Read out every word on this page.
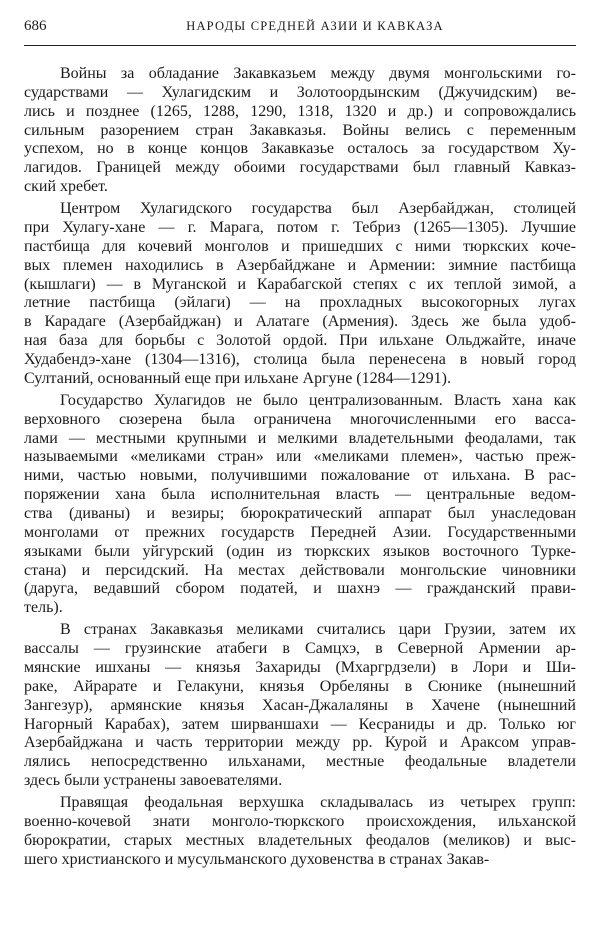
686	НАРОДЫ СРЕДНЕЙ АЗИИ И КАВКАЗА
Войны за обладание Закавказьем между двумя монгольскими го-
сударствами — Хулагидским и Золотоордынским (Джучидским) ве-
лись и позднее (1265, 1288, 1290, 1318, 1320 и др.) и сопровождались
сильным разорением стран Закавказья. Войны велись с переменным
успехом, но в конце концов Закавказье осталось за государством Ху-
лагидов. Границей между обоими государствами был главный Кавказ-
ский хребет.
Центром Хулагидского государства был Азербайджан, столицей
при Хулагу-хане — г. Марага, потом г. Тебриз (1265—1305). Лучшие
пастбища для кочевий монголов и пришедших с ними тюркских коче-
вых племен находились в Азербайджане и Армении: зимние пастбища
(кышлаги) — в Муганской и Карабагской степях с их теплой зимой, а
летние пастбища (эйлаги) — на прохладных высокогорных лугах
в Карадаге (Азербайджан) и Алатаге (Армения). Здесь же была удоб-
ная база для борьбы с Золотой ордой. При ильхане Ольджайте, иначе
Худабендэ-хане (1304—1316), столица была перенесена в новый город
Султаний, основанный еще при ильхане Аргуне (1284—1291).
Государство Хулагидов не было централизованным. Власть хана как
верховного сюзерена была ограничена многочисленными его васса-
лами — местными крупными и мелкими владетельными феодалами, так
называемыми «меликами стран» или «меликами племен», частью преж-
ними, частью новыми, получившими пожалование от ильхана. В рас-
поряжении хана была исполнительная власть — центральные ведом-
ства (диваны) и везиры; бюрократический аппарат был унаследован
монголами от прежних государств Передней Азии. Государственными
языками были уйгурский (один из тюркских языков восточного Турке-
стана) и персидский. На местах действовали монгольские чиновники
(даруга, ведавший сбором податей, и шахнэ — гражданский прави-
тель).
В странах Закавказья меликами считались цари Грузии, затем их
вассалы — грузинские атабеги в Самцхэ, в Северной Армении ар-
мянские ишханы — князья Захариды (Мхаргрдзели) в Лори и Ши-
раке, Айрарате и Гелакуни, князья Орбеляны в Сюнике (нынешний
Зангезур), армянские князья Хасан-Джалаляны в Хачене (нынешний
Нагорный Карабах), затем ширваншахи — Кесраниды и др. Только юг
Азербайджана и часть территории между рр. Курой и Араксом управ-
лялись непосредственно ильханами, местные феодальные владетели
здесь были устранены завоевателями.
Правящая феодальная верхушка складывалась из четырех групп:
военно-кочевой знати монголо-тюркского происхождения, ильханской
бюрократии, старых местных владетельных феодалов (меликов) и выс-
шего христианского и мусульманского духовенства в странах Закав-
